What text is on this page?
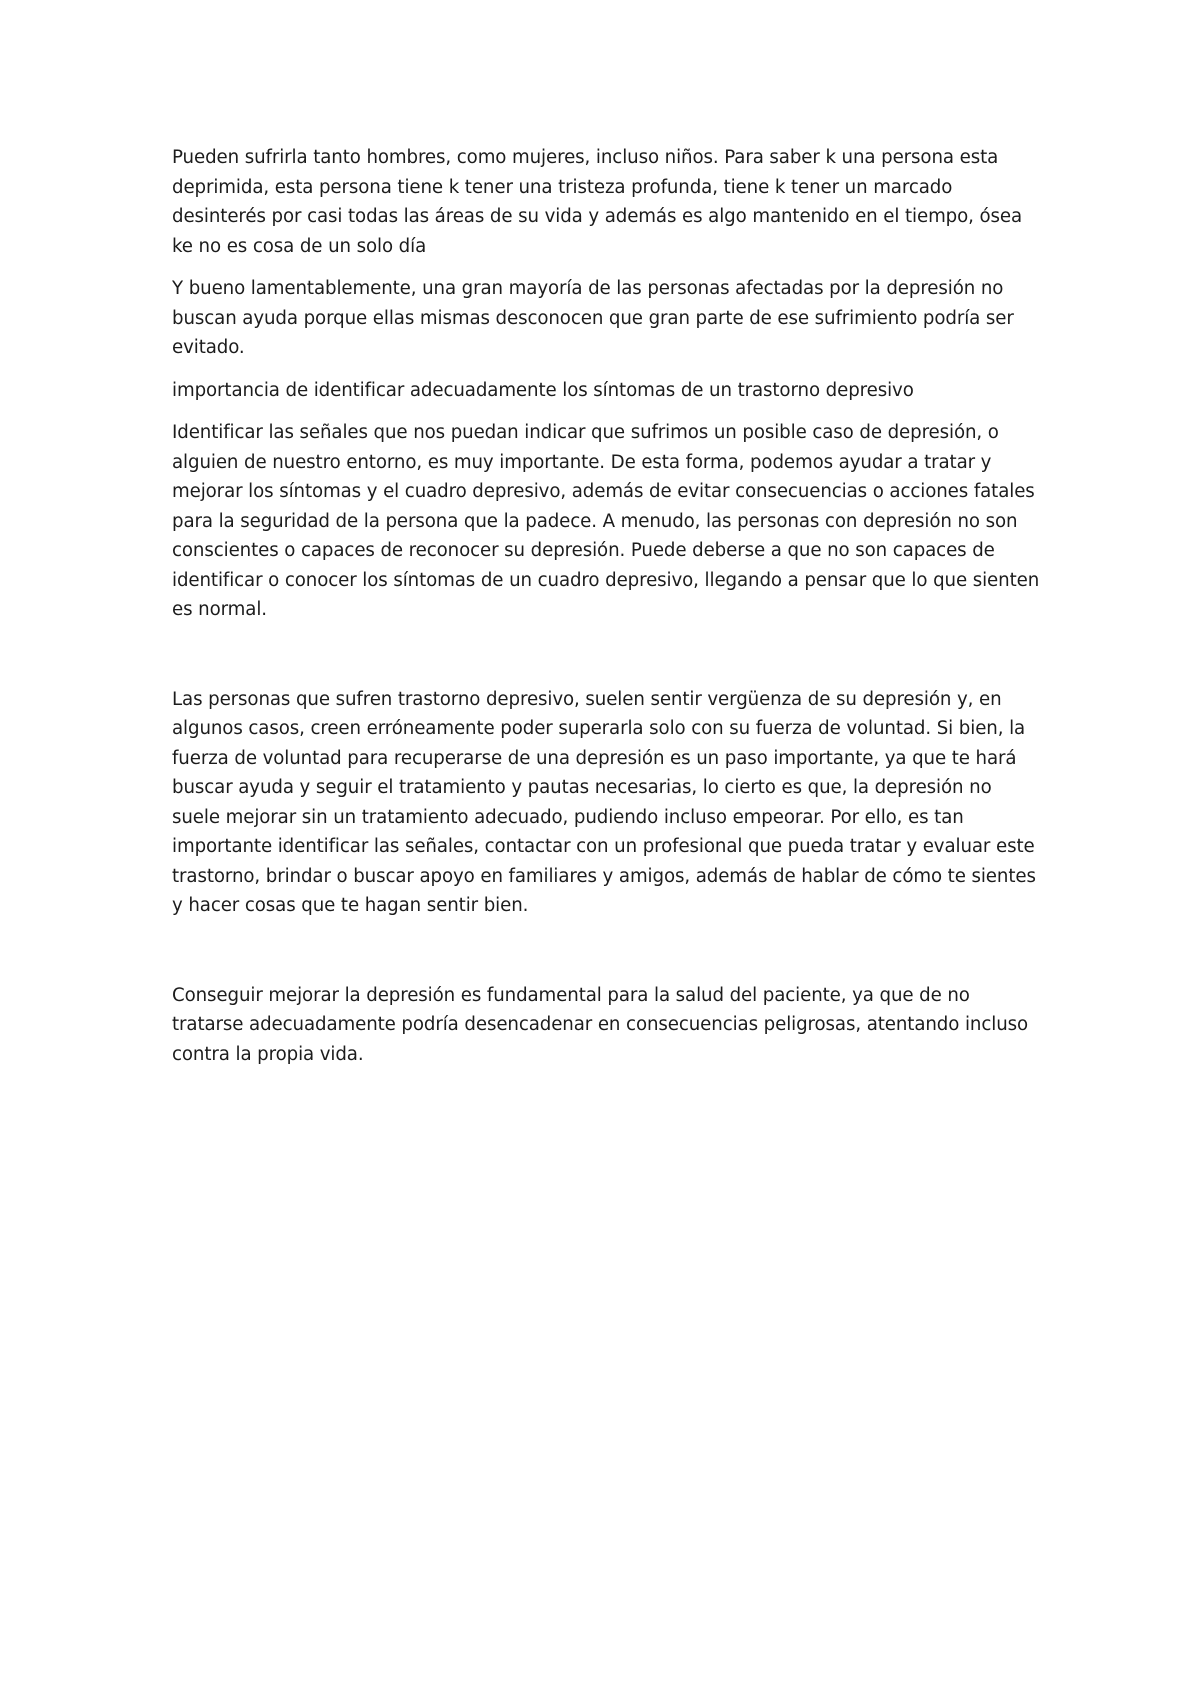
Pueden sufrirla tanto hombres, como mujeres, incluso niños. Para saber k una persona esta deprimida, esta persona tiene k tener una tristeza profunda, tiene k tener un marcado desinterés por casi todas las áreas de su vida y además es algo mantenido en el tiempo, ósea ke no es cosa de un solo día

Y bueno lamentablemente, una gran mayoría de las personas afectadas por la depresión no buscan ayuda porque ellas mismas desconocen que gran parte de ese sufrimiento podría ser evitado.

importancia de identificar adecuadamente los síntomas de un trastorno depresivo

Identificar las señales que nos puedan indicar que sufrimos un posible caso de depresión, o alguien de nuestro entorno, es muy importante. De esta forma, podemos ayudar a tratar y mejorar los síntomas y el cuadro depresivo, además de evitar consecuencias o acciones fatales para la seguridad de la persona que la padece. A menudo, las personas con depresión no son conscientes o capaces de reconocer su depresión. Puede deberse a que no son capaces de identificar o conocer los síntomas de un cuadro depresivo, llegando a pensar que lo que sienten es normal.

Las personas que sufren trastorno depresivo, suelen sentir vergüenza de su depresión y, en algunos casos, creen erróneamente poder superarla solo con su fuerza de voluntad. Si bien, la fuerza de voluntad para recuperarse de una depresión es un paso importante, ya que te hará buscar ayuda y seguir el tratamiento y pautas necesarias, lo cierto es que, la depresión no suele mejorar sin un tratamiento adecuado, pudiendo incluso empeorar. Por ello, es tan importante identificar las señales, contactar con un profesional que pueda tratar y evaluar este trastorno, brindar o buscar apoyo en familiares y amigos, además de hablar de cómo te sientes y hacer cosas que te hagan sentir bien.

Conseguir mejorar la depresión es fundamental para la salud del paciente, ya que de no tratarse adecuadamente podría desencadenar en consecuencias peligrosas, atentando incluso contra la propia vida.
